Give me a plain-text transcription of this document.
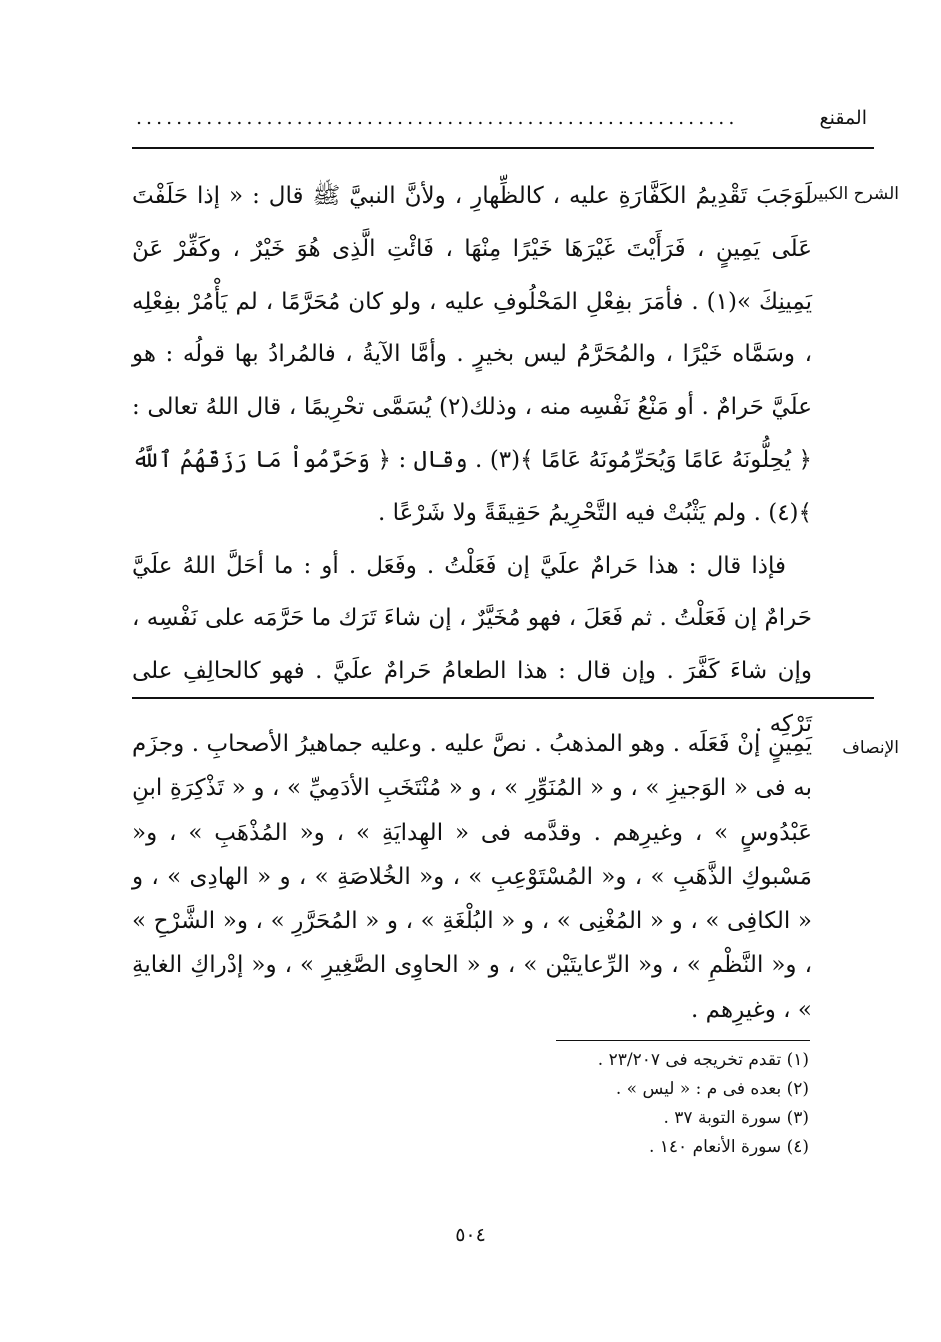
المقنع
............................................................
الشرح الكبير

لَوَجَبَ تَقْدِيمُ الكَفَّارَةِ عليه ، كالظِّهارِ ، ولأنَّ النبيَّ ﷺ قال : « إذا حَلَفْتَ عَلَى يَمِينٍ ، فَرَأَيْتَ غَيْرَهَا خَيْرًا مِنْهَا ، فَائْتِ الَّذِى هُوَ خَيْرٌ ، وكَفِّرْ عَنْ يَمِينِكَ »(١) . فأمَرَ بفِعْلِ المَحْلُوفِ عليه ، ولو كان مُحَرَّمًا ، لم يَأْمُرْ بفِعْلِه ، وسَمَّاه خَيْرًا ، والمُحَرَّمُ ليس بخيرٍ . وأمَّا الآيةُ ، فالمُرادُ بها قولُه : هو علَيَّ حَرامٌ . أو مَنْعُ نَفْسِه منه ، وذلك(٢) يُسَمَّى تحْرِيمًا ، قال اللهُ تعالى : ﴿ يُحِلُّونَهُ عَامًا وَيُحَرِّمُونَهُ عَامًا ﴾(٣) . وقال : ﴿ وَحَرَّمُواْ مَا رَزَقَهُمُ ٱللَّهُ ﴾(٤) . ولم يَثْبُتْ فيه التَّحْرِيمُ حَقِيقَةً ولا شَرْعًا .

فإذا قال : هذا حَرامٌ علَيَّ إن فَعَلْتُ . وفَعَل . أو : ما أحَلَّ اللهُ علَيَّ حَرامٌ إن فَعَلْتُ . ثم فَعَلَ ، فهو مُخَيَّرٌ ، إن شاءَ تَرَك ما حَرَّمَه على نَفْسِه ، وإن شاءَ كَفَّرَ . وإن قال : هذا الطعامُ حَرامٌ علَيَّ . فهو كالحالِفِ على تَرْكِه .

الإنصاف

يَمِينٍ إنْ فَعَلَه . وهو المذهبُ . نصَّ عليه . وعليه جماهيرُ الأصحابِ . وجزَم به فى « الوَجيزِ » ، و « المُنَوِّرِ » ، و « مُنْتَخَبِ الأدَمِيِّ » ، و « تَذْكِرَةِ ابنِ عَبْدُوسٍ » ، وغيرِهم . وقدَّمه فى « الهِدايَةِ » ، و« المُذْهَبِ » ، و« مَسْبوكِ الذَّهَبِ » ، و« المُسْتَوْعِبِ » ، و« الخُلاصَةِ » ، و « الهادِى » ، و « الكافِى » ، و « المُغْنِى » ، و « البُلْغَةِ » ، و « المُحَرَّرِ » ، و« الشَّرْحِ » ، و« النَّظْمِ » ، و« الرِّعايتَيْن » ، و « الحاوِى الصَّغِيرِ » ، و« إدْراكِ الغايةِ » ، وغيرِهم .

(١) تقدم تخريجه فى ٢٣/٢٠٧ .
(٢) بعده فى م : « ليس » .
(٣) سورة التوبة ٣٧ .
(٤) سورة الأنعام ١٤٠ .
٥٠٤
